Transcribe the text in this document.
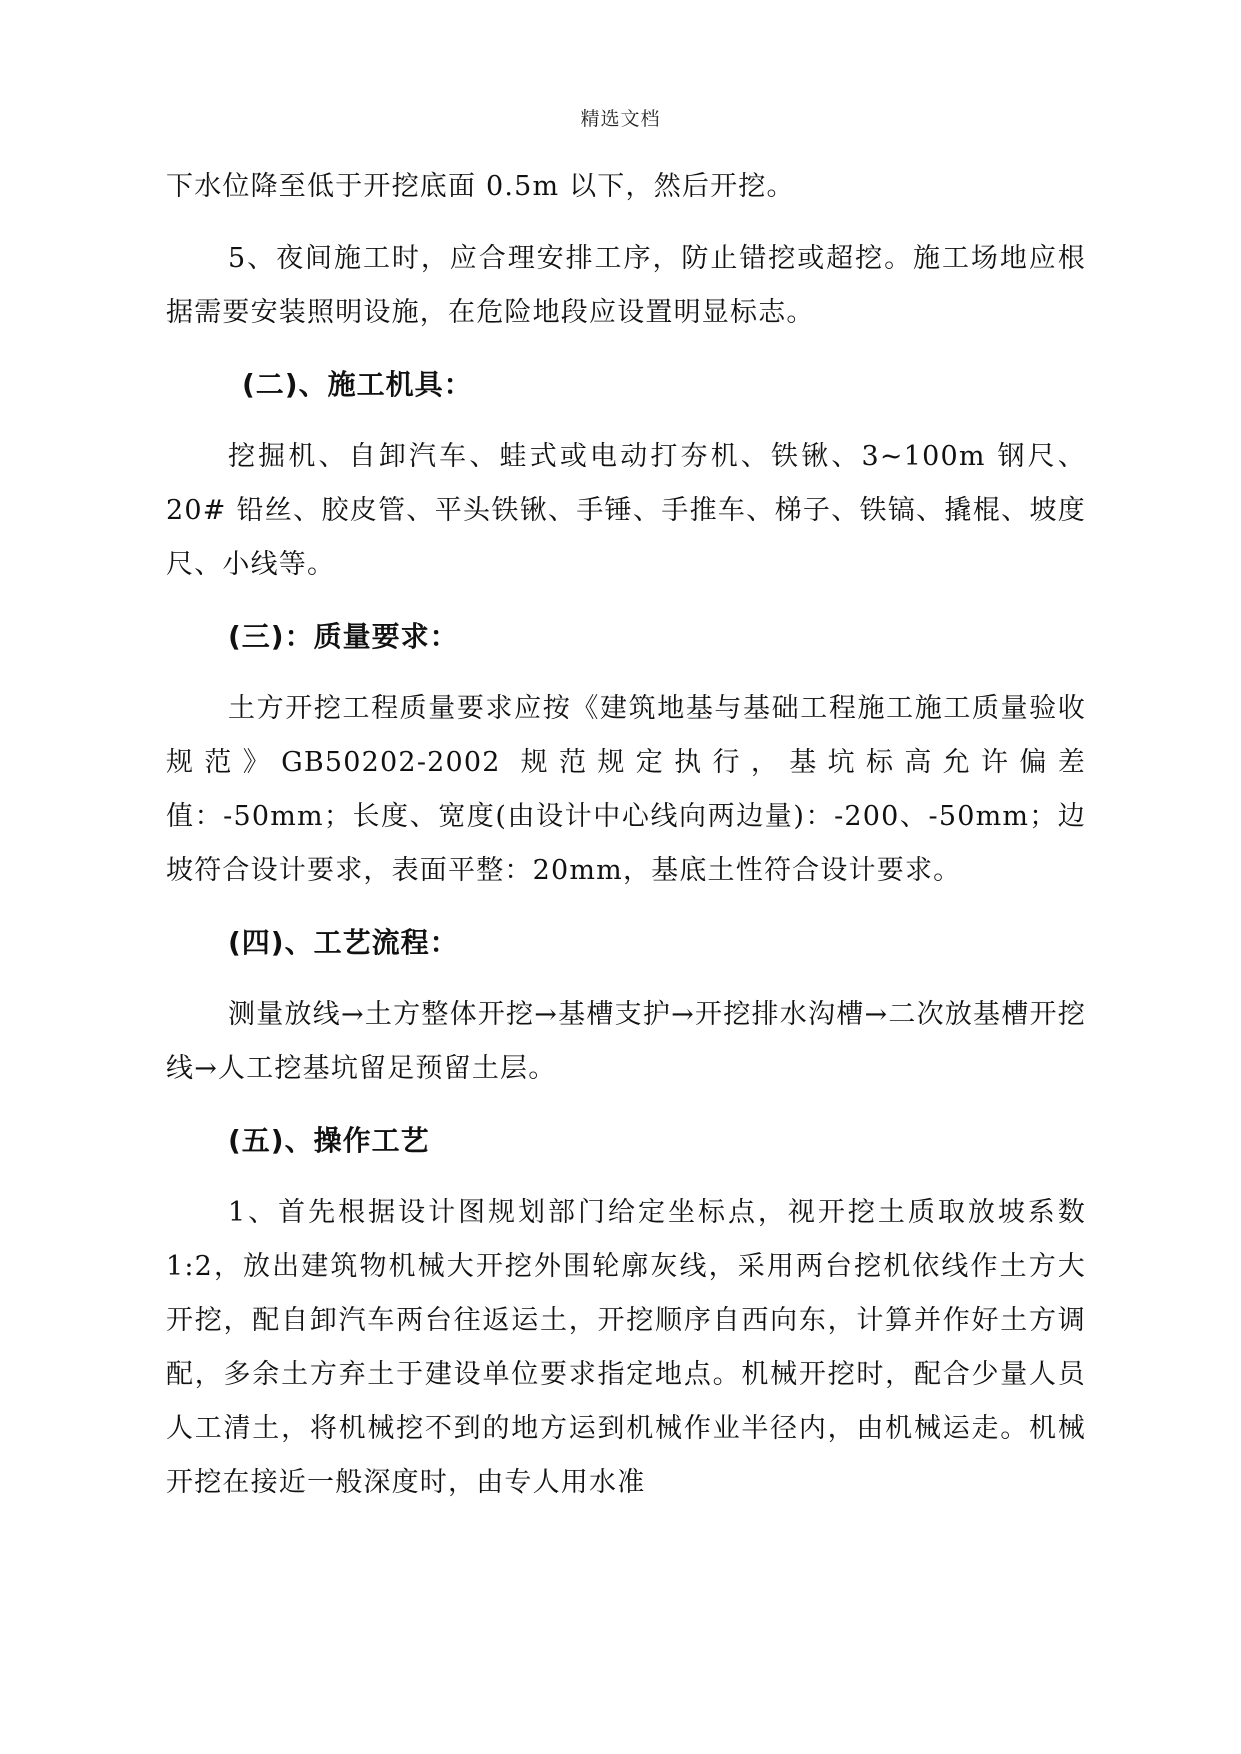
精选文档

下水位降至低于开挖底面 0.5m 以下，然后开挖。

5、夜间施工时，应合理安排工序，防止错挖或超挖。施工场地应根据需要安装照明设施，在危险地段应设置明显标志。

(二)、施工机具：

挖掘机、自卸汽车、蛙式或电动打夯机、铁锹、3~100m 钢尺、20# 铅丝、胶皮管、平头铁锹、手锤、手推车、梯子、铁镐、撬棍、坡度尺、小线等。

(三)：质量要求：

土方开挖工程质量要求应按《建筑地基与基础工程施工施工质量验收规范》GB50202-2002 规范规定执行，基坑标高允许偏差值：-50mm；长度、宽度(由设计中心线向两边量)：-200、-50mm；边坡符合设计要求，表面平整：20mm，基底土性符合设计要求。

(四)、工艺流程：

测量放线→土方整体开挖→基槽支护→开挖排水沟槽→二次放基槽开挖线→人工挖基坑留足预留土层。

(五)、操作工艺

1、首先根据设计图规划部门给定坐标点，视开挖土质取放坡系数 1:2，放出建筑物机械大开挖外围轮廓灰线，采用两台挖机依线作土方大开挖，配自卸汽车两台往返运土，开挖顺序自西向东，计算并作好土方调配，多余土方弃土于建设单位要求指定地点。机械开挖时，配合少量人员人工清土，将机械挖不到的地方运到机械作业半径内，由机械运走。机械开挖在接近一般深度时，由专人用水准
